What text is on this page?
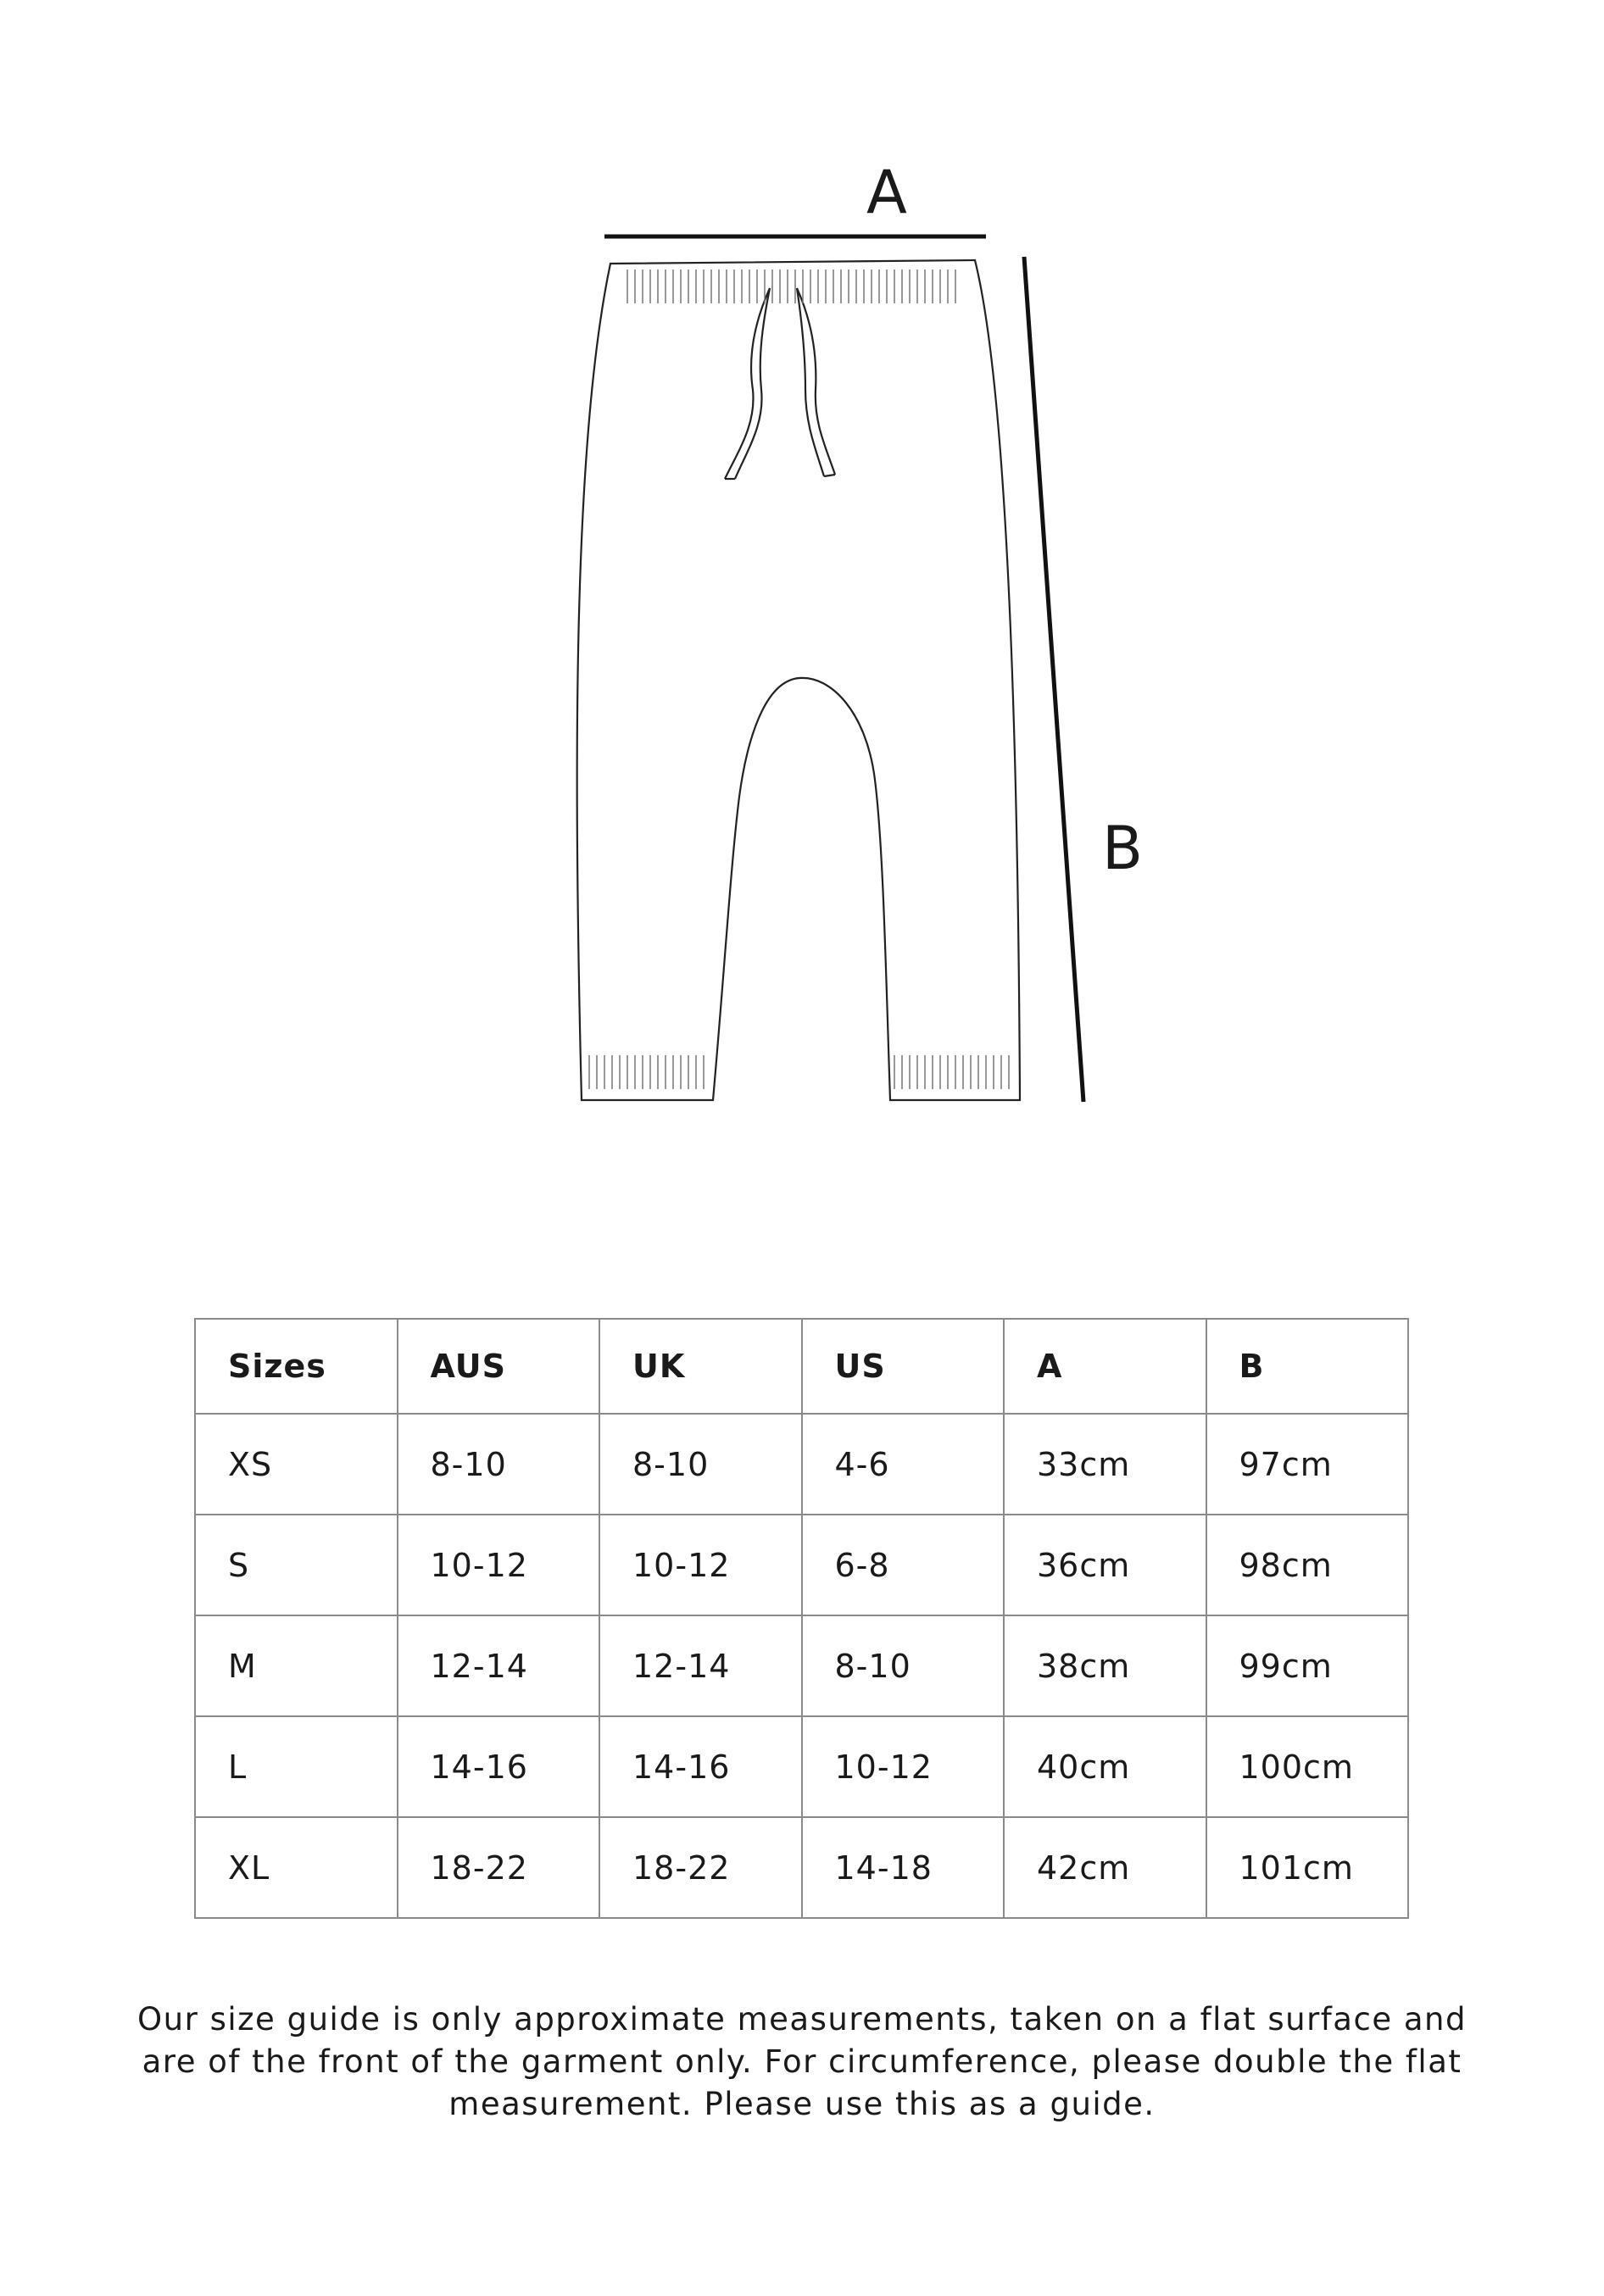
A
B
Sizes	AUS	UK	US	A	B
XS	8-10	8-10	4-6	33cm	97cm
S	10-12	10-12	6-8	36cm	98cm
M	12-14	12-14	8-10	38cm	99cm
L	14-16	14-16	10-12	40cm	100cm
XL	18-22	18-22	14-18	42cm	101cm
Our size guide is only approximate measurements, taken on a flat surface and are of the front of the garment only. For circumference, please double the flat measurement. Please use this as a guide.
